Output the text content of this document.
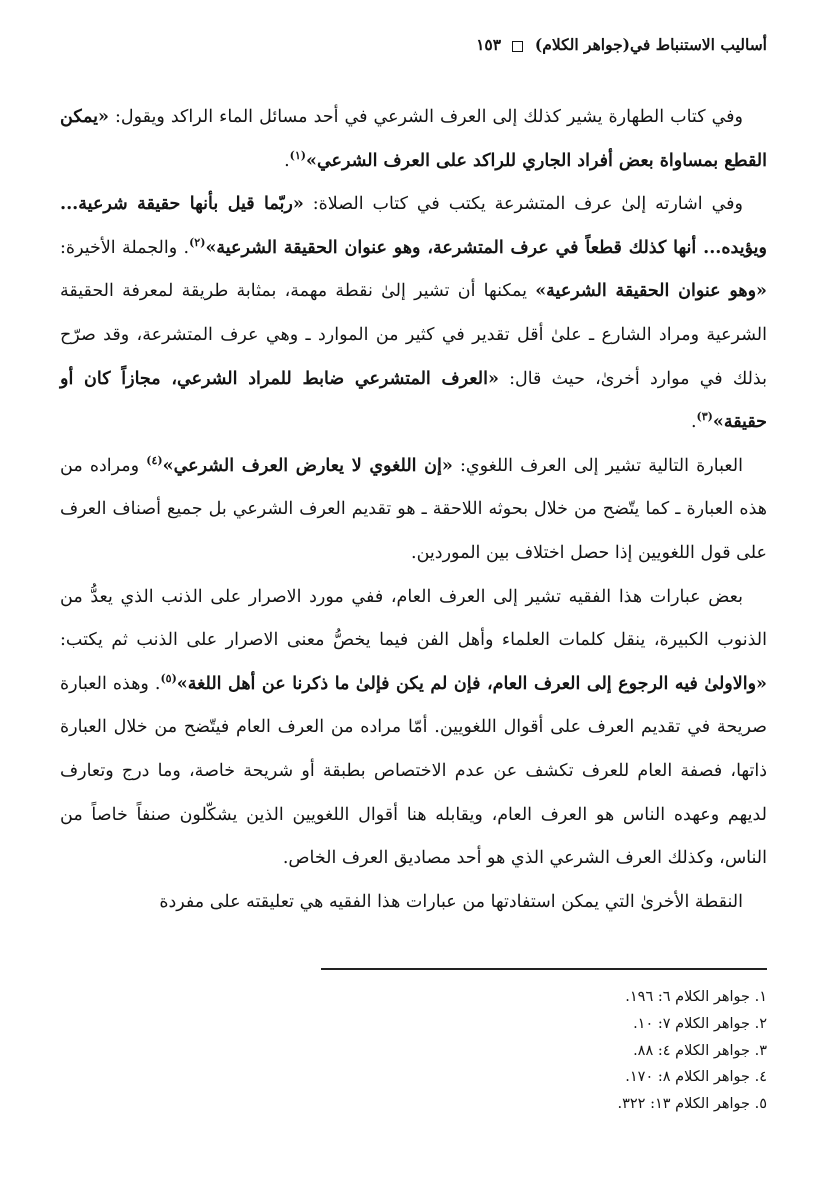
أساليب الاستنباط في(جواهر الكلام)  ١٥٣

وفي كتاب الطهارة يشير كذلك إلى العرف الشرعي في أحد مسائل الماء الراكد ويقول: «يمكن القطع بمساواة بعض أفراد الجاري للراكد على العرف الشرعي»$^{(١)}$.

وفي اشارته إلىٰ عرف المتشرعة يكتب في كتاب الصلاة: «ربّما قيل بأنها حقيقة شرعية... ويؤيده... أنها كذلك قطعاً في عرف المتشرعة، وهو عنوان الحقيقة الشرعية»$^{(٢)}$. والجملة الأخيرة: «وهو عنوان الحقيقة الشرعية» يمكنها أن تشير إلىٰ نقطة مهمة، بمثابة طريقة لمعرفة الحقيقة الشرعية ومراد الشارع ـ علىٰ أقل تقدير في كثير من الموارد ـ وهي عرف المتشرعة، وقد صرّح بذلك في موارد أخرىٰ، حيث قال: «العرف المتشرعي ضابط للمراد الشرعي، مجازاً كان أو حقيقة»$^{(٣)}$.

العبارة التالية تشير إلى العرف اللغوي: «إن اللغوي لا يعارض العرف الشرعي»$^{(٤)}$ ومراده من هذه العبارة ـ كما يتّضح من خلال بحوثه اللاحقة ـ هو تقديم العرف الشرعي بل جميع أصناف العرف على قول اللغويين إذا حصل اختلاف بين الموردين.

بعض عبارات هذا الفقيه تشير إلى العرف العام، ففي مورد الاصرار على الذنب الذي يعدُّ من الذنوب الكبيرة، ينقل كلمات العلماء وأهل الفن فيما يخصُّ معنى الاصرار على الذنب ثم يكتب: «والاولىٰ فيه الرجوع إلى العرف العام، فإن لم يكن فإلىٰ ما ذكرنا عن أهل اللغة»$^{(٥)}$. وهذه العبارة صريحة في تقديم العرف على أقوال اللغويين. أمّا مراده من العرف العام فيتّضح من خلال العبارة ذاتها، فصفة العام للعرف تكشف عن عدم الاختصاص بطبقة أو شريحة خاصة، وما درج وتعارف لديهم وعهده الناس هو العرف العام، ويقابله هنا أقوال اللغويين الذين يشكّلون صنفاً خاصاً من الناس، وكذلك العرف الشرعي الذي هو أحد مصاديق العرف الخاص.

النقطة الأخرىٰ التي يمكن استفادتها من عبارات هذا الفقيه هي تعليقته على مفردة

١. جواهر الكلام ٦: ١٩٦.
٢. جواهر الكلام ٧: ١٠.
٣. جواهر الكلام ٤: ٨٨.
٤. جواهر الكلام ٨: ١٧٠.
٥. جواهر الكلام ١٣: ٣٢٢.
